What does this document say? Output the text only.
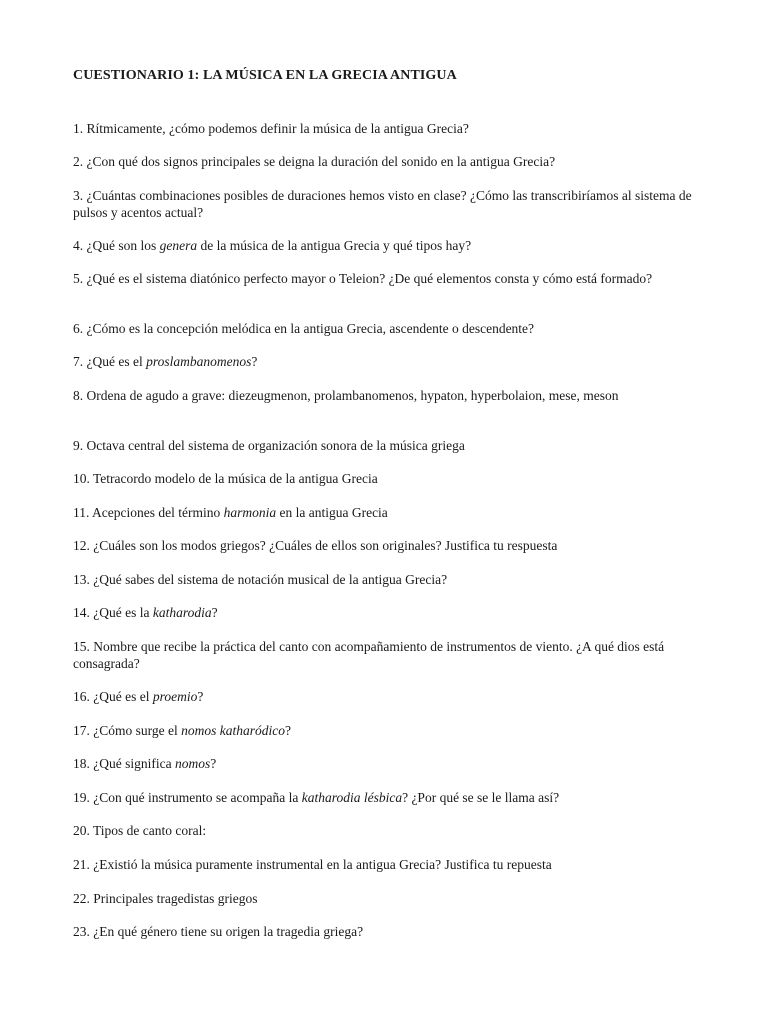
CUESTIONARIO 1: LA MÚSICA EN LA GRECIA ANTIGUA

1. Rítmicamente, ¿cómo podemos definir la música de la antigua Grecia?

2. ¿Con qué dos signos principales se deigna la duración del sonido en la antigua Grecia?

3. ¿Cuántas combinaciones posibles de duraciones hemos visto en clase? ¿Cómo las transcribiríamos al sistema de pulsos y acentos actual?

4. ¿Qué son los genera de la música de la antigua Grecia y qué tipos hay?

5. ¿Qué es el sistema diatónico perfecto mayor o Teleion? ¿De qué elementos consta y cómo está formado?

6. ¿Cómo es la concepción melódica en la antigua Grecia, ascendente o descendente?

7. ¿Qué es el proslambanomenos?

8. Ordena de agudo a grave: diezeugmenon, prolambanomenos, hypaton, hyperbolaion, mese, meson

9. Octava central del sistema de organización sonora de la música griega

10. Tetracordo modelo de la música de la antigua Grecia

11. Acepciones del término harmonia en la antigua Grecia

12. ¿Cuáles son los modos griegos? ¿Cuáles de ellos son originales? Justifica tu respuesta

13. ¿Qué sabes del sistema de notación musical de la antigua Grecia?

14. ¿Qué es la katharodia?

15. Nombre que recibe la práctica del canto con acompañamiento de instrumentos de viento. ¿A qué dios está consagrada?

16. ¿Qué es el proemio?

17. ¿Cómo surge el nomos katharódico?

18. ¿Qué significa nomos?

19. ¿Con qué instrumento se acompaña la katharodia lésbica? ¿Por qué se se le llama así?

20. Tipos de canto coral:

21. ¿Existió la música puramente instrumental en la antigua Grecia? Justifica tu repuesta

22. Principales tragedistas griegos

23. ¿En qué género tiene su origen la tragedia griega?
